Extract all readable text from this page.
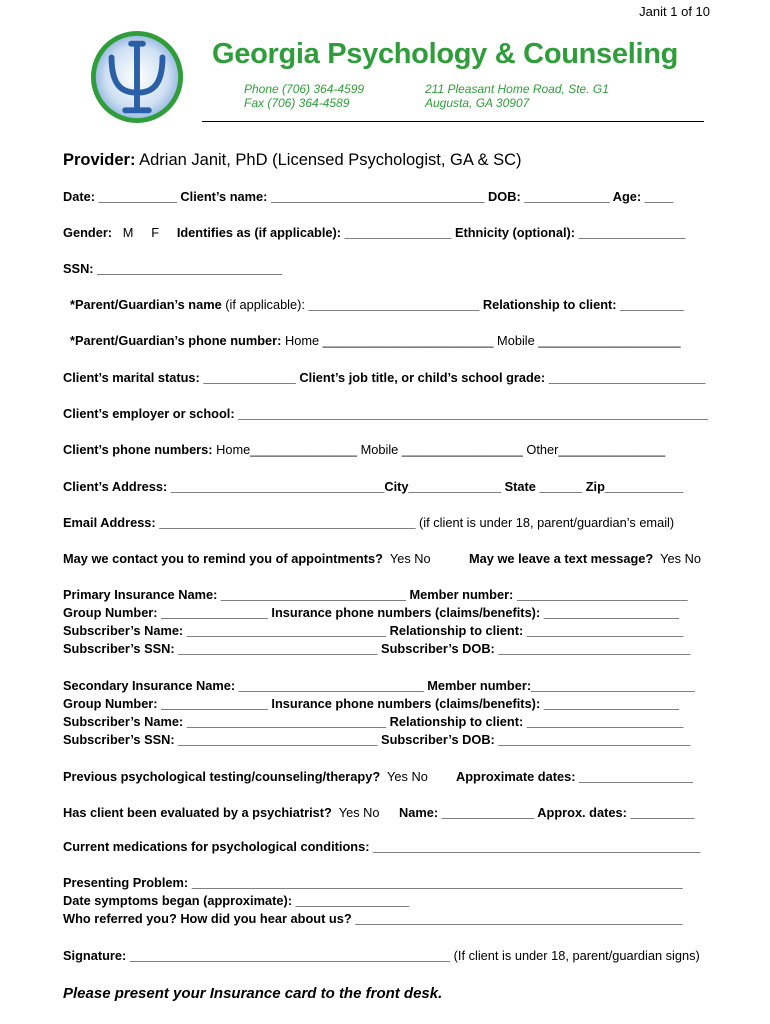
Janit 1 of 10
Georgia Psychology & Counseling
Phone (706) 364-4599
Fax (706) 364-4589
211 Pleasant Home Road, Ste. G1
Augusta, GA 30907
Provider: Adrian Janit, PhD (Licensed Psychologist, GA & SC)
Date: ___________ Client’s name: ______________________________ DOB: ____________ Age: ____
Gender: M F Identifies as (if applicable): _______________ Ethnicity (optional): _______________
SSN: __________________________
*Parent/Guardian’s name (if applicable): ________________________ Relationship to client: _________
*Parent/Guardian’s phone number: Home ________________________ Mobile ____________________
Client’s marital status: _____________ Client’s job title, or child’s school grade: ______________________
Client’s employer or school: __________________________________________________________________
Client’s phone numbers: Home_______________ Mobile _________________ Other_______________
Client’s Address: ______________________________City_____________ State ______ Zip___________
Email Address: ____________________________________ (if client is under 18, parent/guardian’s email)
May we contact you to remind you of appointments? Yes No	May we leave a text message? Yes No
Primary Insurance Name: __________________________ Member number: ________________________
Group Number: _______________ Insurance phone numbers (claims/benefits): ___________________
Subscriber’s Name: ____________________________ Relationship to client: ______________________
Subscriber’s SSN: ____________________________ Subscriber’s DOB: ___________________________
Secondary Insurance Name: __________________________ Member number:_______________________
Group Number: _______________ Insurance phone numbers (claims/benefits): ___________________
Subscriber’s Name: ____________________________ Relationship to client: ______________________
Subscriber’s SSN: ____________________________ Subscriber’s DOB: ___________________________
Previous psychological testing/counseling/therapy? Yes No Approximate dates: ________________
Has client been evaluated by a psychiatrist? Yes No Name: _____________ Approx. dates: _________
Current medications for psychological conditions: ______________________________________________
Presenting Problem: _____________________________________________________________________
Date symptoms began (approximate): ________________
Who referred you? How did you hear about us? ______________________________________________
Signature: _____________________________________________ (If client is under 18, parent/guardian signs)
Please present your Insurance card to the front desk.
